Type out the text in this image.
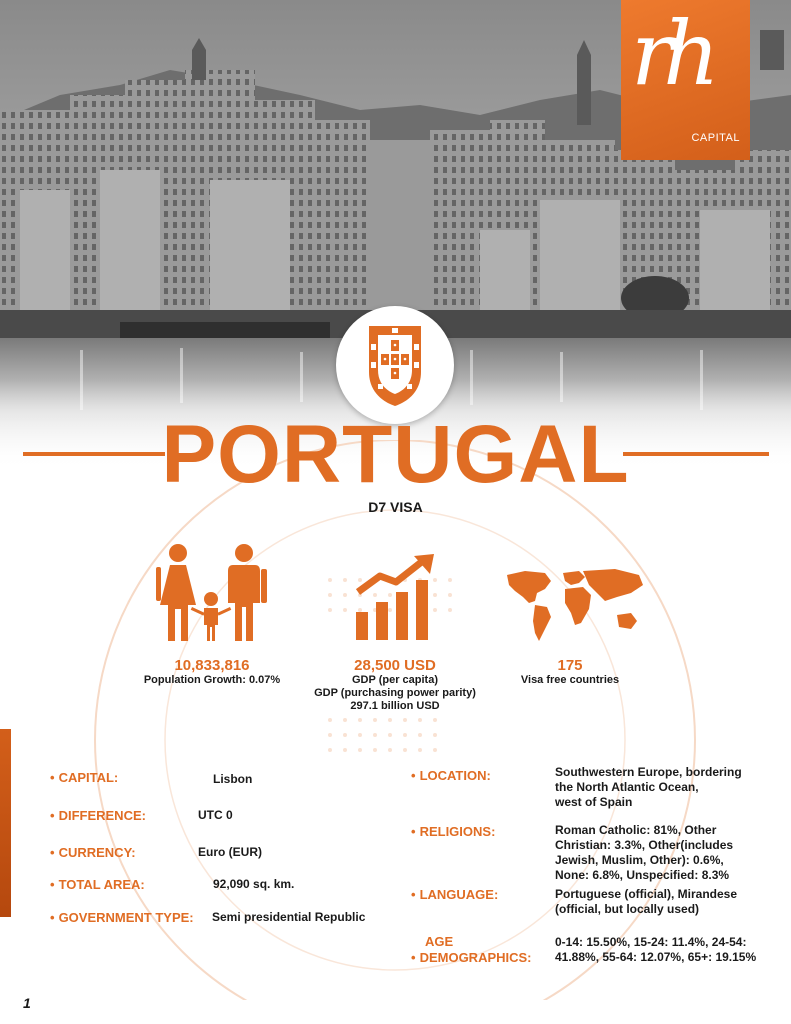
rh
CAPITAL
PORTUGAL
D7 VISA
10,833,816
Population Growth: 0.07%
28,500 USD
GDP (per capita)
GDP (purchasing power parity)
297.1 billion USD
175
Visa free countries
• CAPITAL:	Lisbon
• DIFFERENCE:	UTC 0
• CURRENCY:	Euro (EUR)
• TOTAL AREA:	92,090 sq. km.
• GOVERNMENT TYPE: Semi presidential Republic
• LOCATION:	Southwestern Europe, bordering
the North Atlantic Ocean,
west of Spain
• RELIGIONS:	Roman Catholic: 81%, Other
Christian: 3.3%, Other(includes
Jewish, Muslim, Other): 0.6%,
None: 6.8%, Unspecified: 8.3%
• LANGUAGE:	Portuguese (official), Mirandese
(official, but locally used)
AGE
• DEMOGRAPHICS:
0-14: 15.50%, 15-24: 11.4%, 24-54:
41.88%, 55-64: 12.07%, 65+: 19.15%
1
